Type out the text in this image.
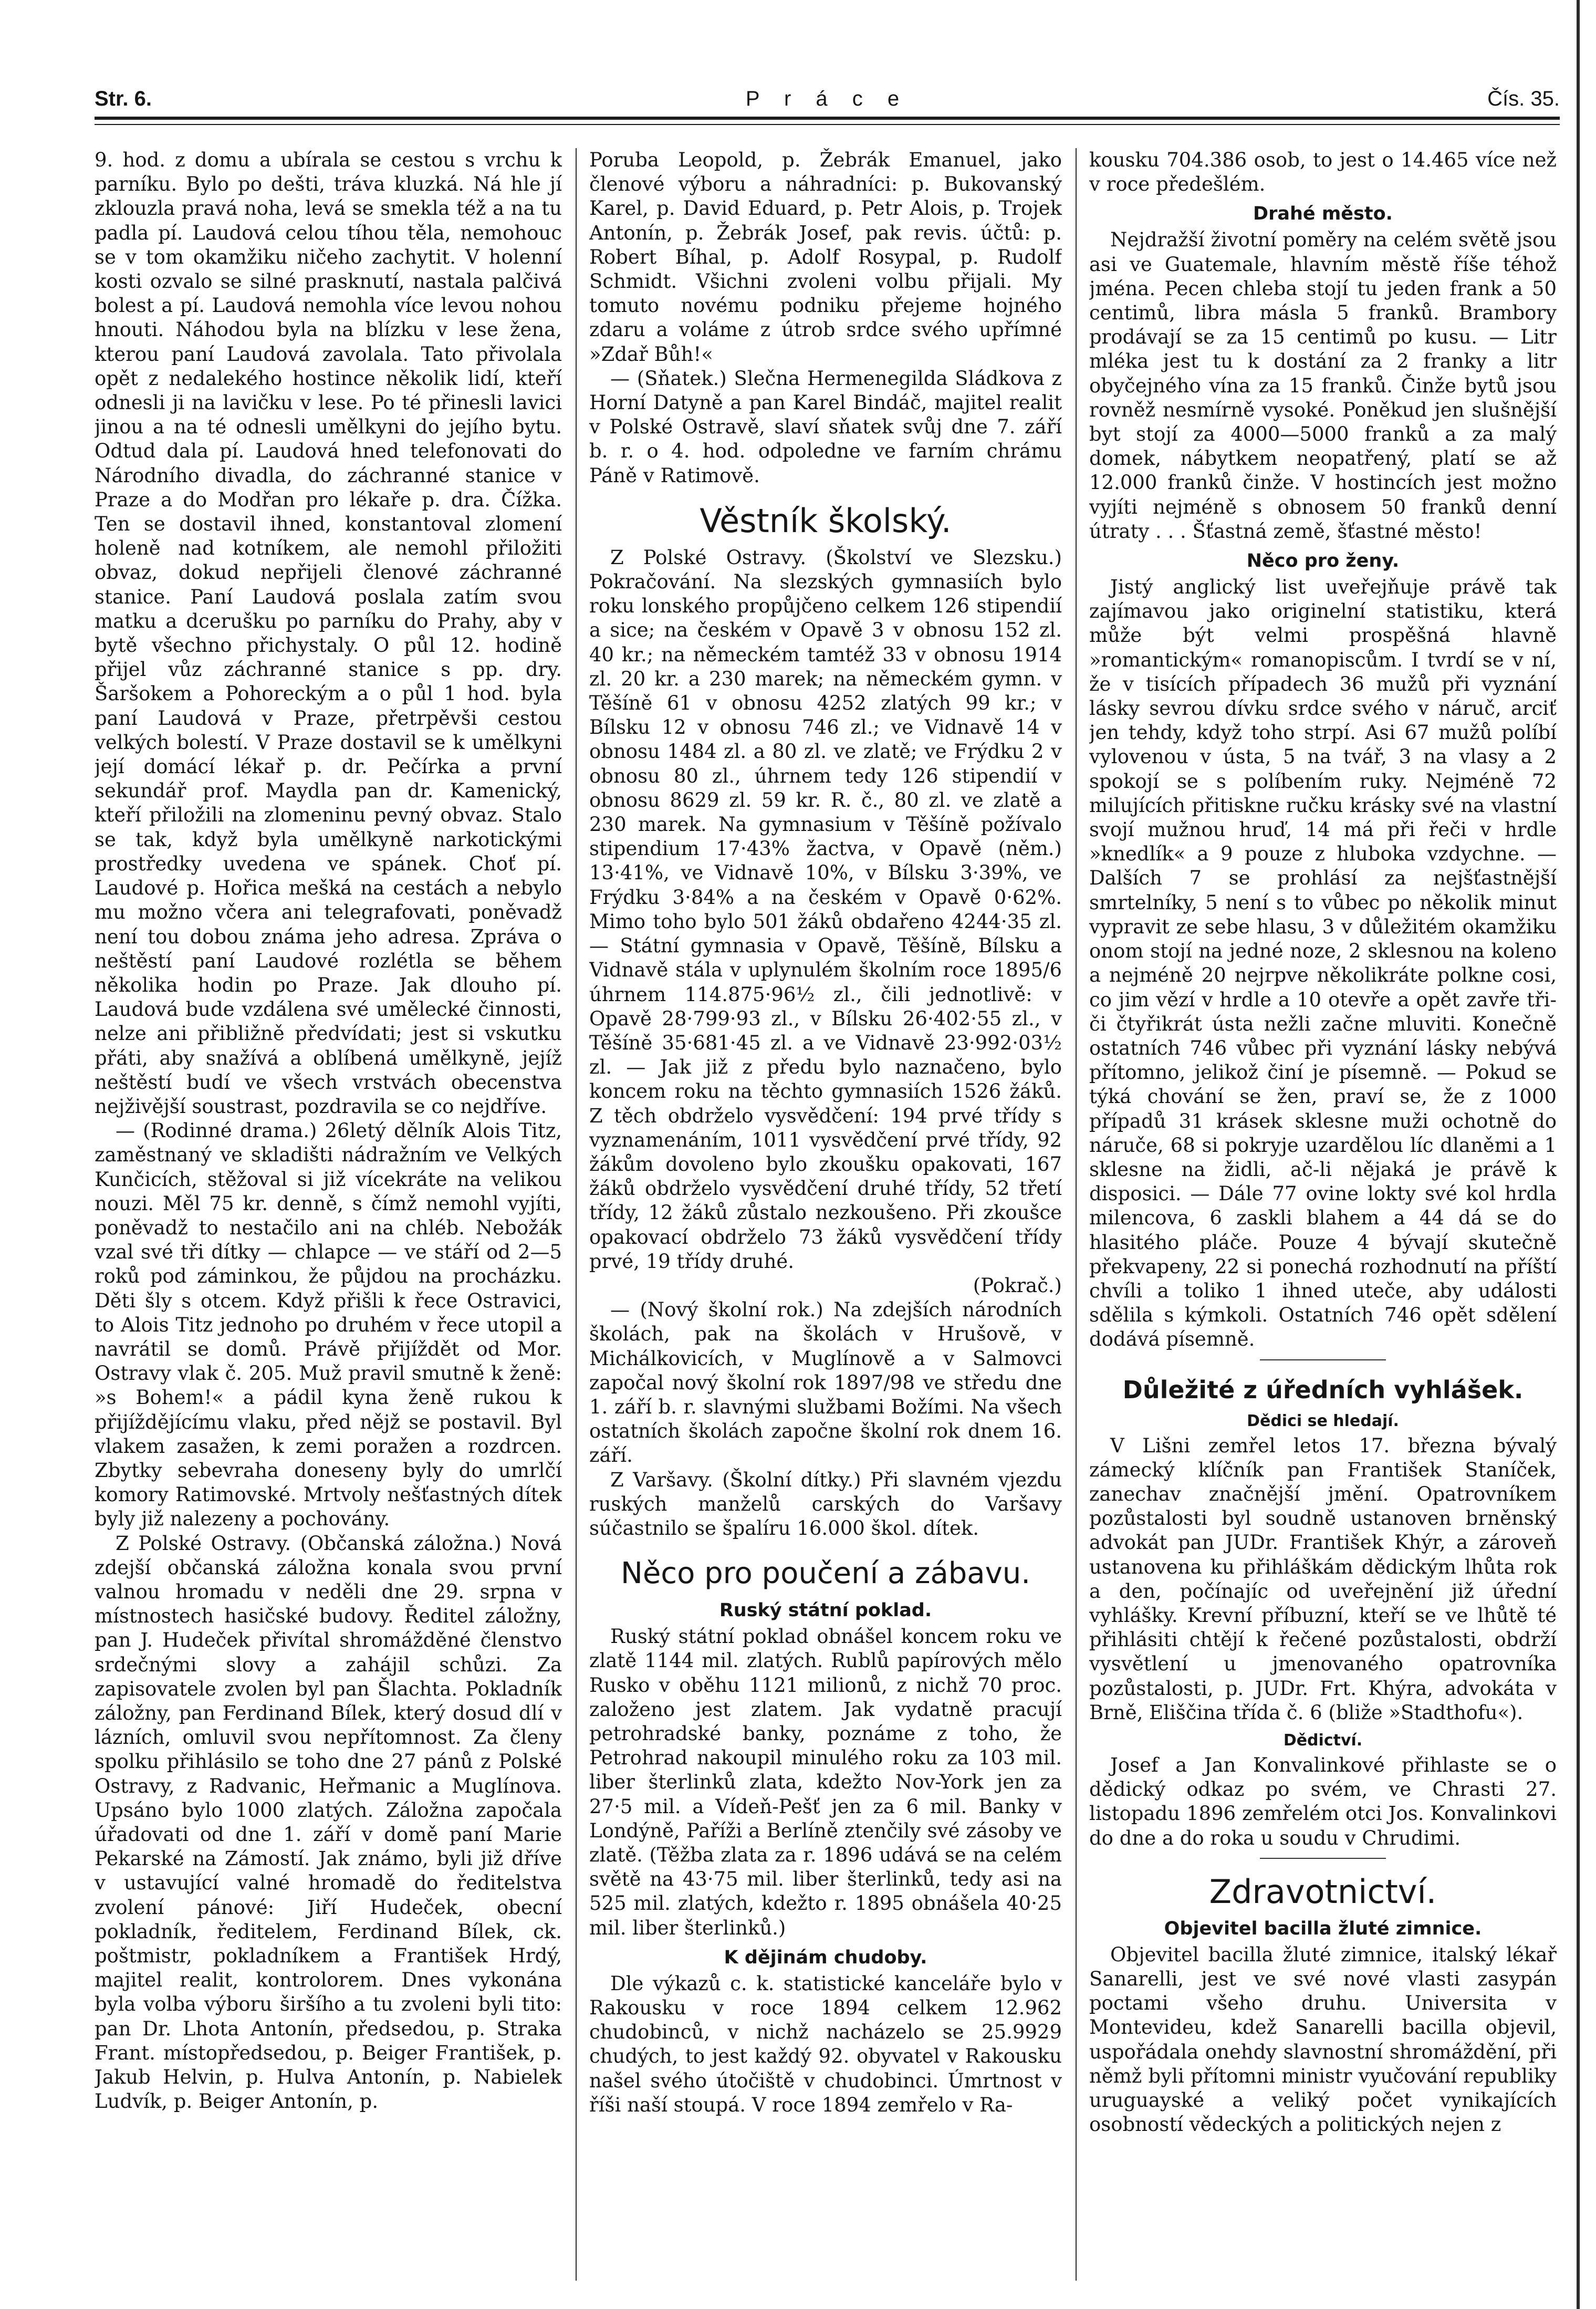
Str. 6.	P r á c e	Čís. 35.

9. hod. z domu a ubírala se cestou s vrchu k parníku. Bylo po dešti, tráva kluzká. Ná hle jí zklouzla pravá noha, levá se smekla též a na tu padla pí. Laudová celou tíhou těla, nemohouc se v tom okamžiku ničeho zachytit. V holenní kosti ozvalo se silné prasknutí, nastala palčivá bolest a pí. Laudová nemohla více levou nohou hnouti. Náhodou byla na blízku v lese žena, kterou paní Laudová zavolala. Tato přivolala opět z nedalekého hostince několik lidí, kteří odnesli ji na lavičku v lese. Po té přinesli lavici jinou a na té odnesli umělkyni do jejího bytu. Odtud dala pí. Laudová hned telefonovati do Národního divadla, do záchranné stanice v Praze a do Modřan pro lékaře p. dra. Čížka. Ten se dostavil ihned, konstantoval zlomení holeně nad kotníkem, ale nemohl přiložiti obvaz, dokud nepřijeli členové záchranné stanice. Paní Laudová poslala zatím svou matku a dcerušku po parníku do Prahy, aby v bytě všechno přichystaly. O půl 12. hodině přijel vůz záchranné stanice s pp. dry. Šaršokem a Pohoreckým a o půl 1 hod. byla paní Laudová v Praze, přetrpěvši cestou velkých bolestí. V Praze dostavil se k umělkyni její domácí lékař p. dr. Pečírka a první sekundář prof. Maydla pan dr. Kamenický, kteří přiložili na zlomeninu pevný obvaz. Stalo se tak, když byla umělkyně narkotickými prostředky uvedena ve spánek. Choť pí. Laudové p. Hořica mešká na cestách a nebylo mu možno včera ani telegrafovati, poněvadž není tou dobou známa jeho adresa. Zpráva o neštěstí paní Laudové rozlétla se během několika hodin po Praze. Jak dlouho pí. Laudová bude vzdálena své umělecké činnosti, nelze ani přibližně předvídati; jest si vskutku přáti, aby snažívá a oblíbená umělkyně, jejíž neštěstí budí ve všech vrstvách obecenstva nejživější soustrast, pozdravila se co nejdříve.

— (Rodinné drama.) 26letý dělník Alois Titz, zaměstnaný ve skladišti nádražním ve Velkých Kunčicích, stěžoval si již vícekráte na velikou nouzi. Měl 75 kr. denně, s čímž nemohl vyjíti, poněvadž to nestačilo ani na chléb. Nebožák vzal své tři dítky — chlapce — ve stáří od 2—5 roků pod záminkou, že půjdou na procházku. Děti šly s otcem. Když přišli k řece Ostravici, to Alois Titz jednoho po druhém v řece utopil a navrátil se domů. Právě přijíždět od Mor. Ostravy vlak č. 205. Muž pravil smutně k ženě: »s Bohem!« a pádil kyna ženě rukou k přijíždějícímu vlaku, před nějž se postavil. Byl vlakem zasažen, k zemi poražen a rozdrcen. Zbytky sebevraha doneseny byly do umrlčí komory Ratimovské. Mrtvoly nešťastných dítek byly již nalezeny a pochovány.

Z Polské Ostravy. (Občanská záložna.) Nová zdejší občanská záložna konala svou první valnou hromadu v neděli dne 29. srpna v místnostech hasičské budovy. Ředitel záložny, pan J. Hudeček přivítal shromážděné členstvo srdečnými slovy a zahájil schůzi. Za zapisovatele zvolen byl pan Šlachta. Pokladník záložny, pan Ferdinand Bílek, který dosud dlí v lázních, omluvil svou nepřítomnost. Za členy spolku přihlásilo se toho dne 27 pánů z Polské Ostravy, z Radvanic, Heřmanic a Muglínova. Upsáno bylo 1000 zlatých. Záložna započala úřadovati od dne 1. září v domě paní Marie Pekarské na Zámostí. Jak známo, byli již dříve v ustavující valné hromadě do ředitelstva zvolení pánové: Jiří Hudeček, obecní pokladník, ředitelem, Ferdinand Bílek, ck. poštmistr, pokladníkem a František Hrdý, majitel realit, kontrolorem. Dnes vykonána byla volba výboru širšího a tu zvoleni byli tito: pan Dr. Lhota Antonín, předsedou, p. Straka Frant. místopředsedou, p. Beiger František, p. Jakub Helvin, p. Hulva Antonín, p. Nabielek Ludvík, p. Beiger Antonín, p.

Poruba Leopold, p. Žebrák Emanuel, jako členové výboru a náhradníci: p. Bukovanský Karel, p. David Eduard, p. Petr Alois, p. Trojek Antonín, p. Žebrák Josef, pak revis. účtů: p. Robert Bíhal, p. Adolf Rosypal, p. Rudolf Schmidt. Všichni zvoleni volbu přijali. My tomuto novému podniku přejeme hojného zdaru a voláme z útrob srdce svého upřímné »Zdař Bůh!«

— (Sňatek.) Slečna Hermenegilda Sládkova z Horní Datyně a pan Karel Bindáč, majitel realit v Polské Ostravě, slaví sňatek svůj dne 7. září b. r. o 4. hod. odpoledne ve farním chrámu Páně v Ratimově.

Věstník školský.

Z Polské Ostravy. (Školství ve Slezsku.) Pokračování. Na slezských gymnasiích bylo roku lonského propůjčeno celkem 126 stipendií a sice; na českém v Opavě 3 v obnosu 152 zl. 40 kr.; na německém tamtéž 33 v obnosu 1914 zl. 20 kr. a 230 marek; na německém gymn. v Těšíně 61 v obnosu 4252 zlatých 99 kr.; v Bílsku 12 v obnosu 746 zl.; ve Vidnavě 14 v obnosu 1484 zl. a 80 zl. ve zlatě; ve Frýdku 2 v obnosu 80 zl., úhrnem tedy 126 stipendií v obnosu 8629 zl. 59 kr. R. č., 80 zl. ve zlatě a 230 marek. Na gymnasium v Těšíně požívalo stipendium 17·43% žactva, v Opavě (něm.) 13·41%, ve Vidnavě 10%, v Bílsku 3·39%, ve Frýdku 3·84% a na českém v Opavě 0·62%. Mimo toho bylo 501 žáků obdařeno 4244·35 zl. — Státní gymnasia v Opavě, Těšíně, Bílsku a Vidnavě stála v uplynulém školním roce 1895/6 úhrnem 114.875·96½ zl., čili jednotlivě: v Opavě 28·799·93 zl., v Bílsku 26·402·55 zl., v Těšíně 35·681·45 zl. a ve Vidnavě 23·992·03½ zl. — Jak již z předu bylo naznačeno, bylo koncem roku na těchto gymnasiích 1526 žáků. Z těch obdrželo vysvědčení: 194 prvé třídy s vyznamenáním, 1011 vysvědčení prvé třídy, 92 žákům dovoleno bylo zkoušku opakovati, 167 žáků obdrželo vysvědčení druhé třídy, 52 třetí třídy, 12 žáků zůstalo nezkoušeno. Při zkoušce opakovací obdrželo 73 žáků vysvědčení třídy prvé, 19 třídy druhé.

(Pokrač.)

— (Nový školní rok.) Na zdejších národních školách, pak na školách v Hrušově, v Michálkovicích, v Muglínově a v Salmovci započal nový školní rok 1897/98 ve středu dne 1. září b. r. slavnými službami Božími. Na všech ostatních školách započne školní rok dnem 16. září.

Z Varšavy. (Školní dítky.) Při slavném vjezdu ruských manželů carských do Varšavy súčastnilo se špalíru 16.000 škol. dítek.

Něco pro poučení a zábavu.
Ruský státní poklad.

Ruský státní poklad obnášel koncem roku ve zlatě 1144 mil. zlatých. Rublů papírových mělo Rusko v oběhu 1121 milionů, z nichž 70 proc. založeno jest zlatem. Jak vydatně pracují petrohradské banky, poznáme z toho, že Petrohrad nakoupil minulého roku za 103 mil. liber šterlinků zlata, kdežto Nov-York jen za 27·5 mil. a Vídeň-Pešť jen za 6 mil. Banky v Londýně, Paříži a Berlíně ztenčily své zásoby ve zlatě. (Těžba zlata za r. 1896 udává se na celém světě na 43·75 mil. liber šterlinků, tedy asi na 525 mil. zlatých, kdežto r. 1895 obnášela 40·25 mil. liber šterlinků.)

K dějinám chudoby.

Dle výkazů c. k. statistické kanceláře bylo v Rakousku v roce 1894 celkem 12.962 chudobinců, v nichž nacházelo se 25.9929 chudých, to jest každý 92. obyvatel v Rakousku našel svého útočiště v chudobinci. Úmrtnost v říši naší stoupá. V roce 1894 zemřelo v Ra-

kousku 704.386 osob, to jest o 14.465 více než v roce předešlém.

Drahé město.

Nejdražší životní poměry na celém světě jsou asi ve Guatemale, hlavním městě říše téhož jména. Pecen chleba stojí tu jeden frank a 50 centimů, libra másla 5 franků. Brambory prodávají se za 15 centimů po kusu. — Litr mléka jest tu k dostání za 2 franky a litr obyčejného vína za 15 franků. Činže bytů jsou rovněž nesmírně vysoké. Poněkud jen slušnější byt stojí za 4000—5000 franků a za malý domek, nábytkem neopatřený, platí se až 12.000 franků činže. V hostincích jest možno vyjíti nejméně s obnosem 50 franků denní útraty . . . Šťastná země, šťastné město!

Něco pro ženy.

Jistý anglický list uveřejňuje právě tak zajímavou jako originelní statistiku, která může být velmi prospěšná hlavně »romantickým« romanopiscům. I tvrdí se v ní, že v tisících případech 36 mužů při vyznání lásky sevrou dívku srdce svého v náruč, arciť jen tehdy, když toho strpí. Asi 67 mužů políbí vylovenou v ústa, 5 na tvář, 3 na vlasy a 2 spokojí se s políbením ruky. Nejméně 72 milujících přitiskne ručku krásky své na vlastní svojí mužnou hruď, 14 má při řeči v hrdle »knedlík« a 9 pouze z hluboka vzdychne. — Dalších 7 se prohlásí za nejšťastnější smrtelníky, 5 není s to vůbec po několik minut vypravit ze sebe hlasu, 3 v důležitém okamžiku onom stojí na jedné noze, 2 sklesnou na koleno a nejméně 20 nejrpve několikráte polkne cosi, co jim vězí v hrdle a 10 otevře a opět zavře tři- či čtyřikrát ústa nežli začne mluviti. Konečně ostatních 746 vůbec při vyznání lásky nebývá přítomno, jelikož činí je písemně. — Pokud se týká chování se žen, praví se, že z 1000 případů 31 krásek sklesne muži ochotně do náruče, 68 si pokryje uzardělou líc dlaněmi a 1 sklesne na židli, ač-li nějaká je právě k disposici. — Dále 77 ovine lokty své kol hrdla milencova, 6 zaskli blahem a 44 dá se do hlasitého pláče. Pouze 4 bývají skutečně překvapeny, 22 si ponechá rozhodnutí na příští chvíli a toliko 1 ihned uteče, aby události sdělila s kýmkoli. Ostatních 746 opět sdělení dodává písemně.

Důležité z úředních vyhlášek.
Dědici se hledají.

V Lišni zemřel letos 17. března bývalý zámecký klíčník pan František Staníček, zanechav značnější jmění. Opatrovníkem pozůstalosti byl soudně ustanoven brněnský advokát pan JUDr. František Khýr, a zároveň ustanovena ku přihláškám dědickým lhůta rok a den, počínajíc od uveřejnění již úřední vyhlášky. Krevní příbuzní, kteří se ve lhůtě té přihlásiti chtějí k řečené pozůstalosti, obdrží vysvětlení u jmenovaného opatrovníka pozůstalosti, p. JUDr. Frt. Khýra, advokáta v Brně, Eliščina třída č. 6 (bliže »Stadthofu«).

Dědictví.

Josef a Jan Konvalinkové přihlaste se o dědický odkaz po svém, ve Chrasti 27. listopadu 1896 zemřelém otci Jos. Konvalinkovi do dne a do roka u soudu v Chrudimi.

Zdravotnictví.
Objevitel bacilla žluté zimnice.

Objevitel bacilla žluté zimnice, italský lékař Sanarelli, jest ve své nové vlasti zasypán poctami všeho druhu. Universita v Montevideu, kdež Sanarelli bacilla objevil, uspořádala onehdy slavnostní shromáždění, při němž byli přítomni ministr vyučování republiky uruguayské a veliký počet vynikajících osobností vědeckých a politických nejen z
